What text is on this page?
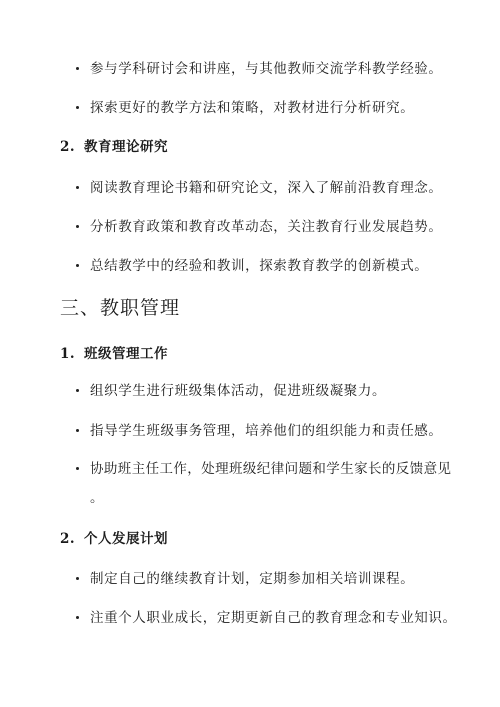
参与学科研讨会和讲座，与其他教师交流学科教学经验。
探索更好的教学方法和策略，对教材进行分析研究。
2. 教育理论研究
阅读教育理论书籍和研究论文，深入了解前沿教育理念。
分析教育政策和教育改革动态，关注教育行业发展趋势。
总结教学中的经验和教训，探索教育教学的创新模式。
三、教职管理
1. 班级管理工作
组织学生进行班级集体活动，促进班级凝聚力。
指导学生班级事务管理，培养他们的组织能力和责任感。
协助班主任工作，处理班级纪律问题和学生家长的反馈意见
。
2. 个人发展计划
制定自己的继续教育计划，定期参加相关培训课程。
注重个人职业成长，定期更新自己的教育理念和专业知识。
